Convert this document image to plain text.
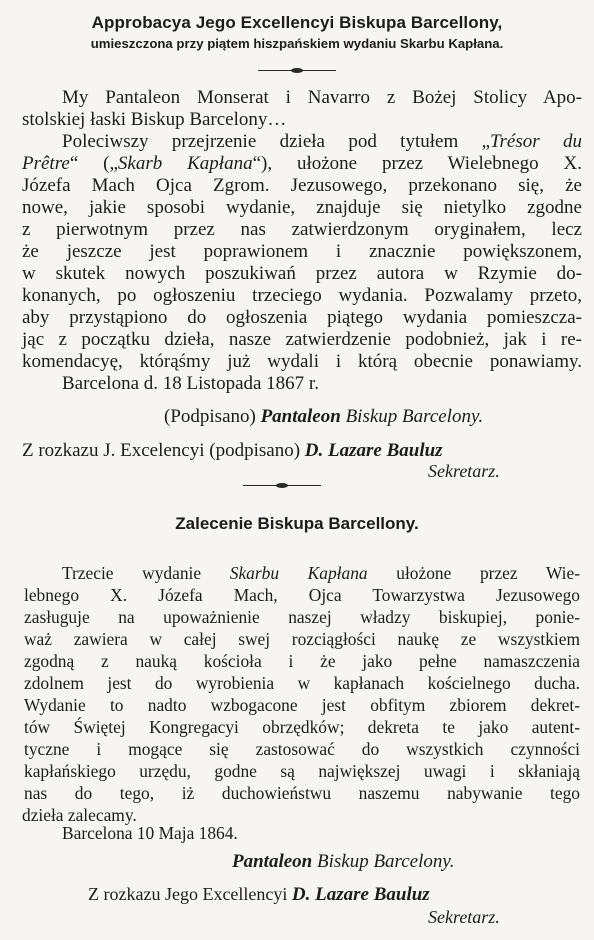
Approbacya Jego Excellencyi Biskupa Barcellony,
umieszczona przy piątem hiszpańskiem wydaniu Skarbu Kapłana.
My Pantaleon Monserat i Navarro z Bożej Stolicy Apo-
stolskiej łaski Biskup Barcelony…
Poleciwszy przejrzenie dzieła pod tytułem „Trésor du
Prêtre“ („Skarb Kapłana“), ułożone przez Wielebnego X.
Józefa Mach Ojca Zgrom. Jezusowego, przekonano się, że
nowe, jakie sposobi wydanie, znajduje się nietylko zgodne
z pierwotnym przez nas zatwierdzonym oryginałem, lecz
że jeszcze jest poprawionem i znacznie powiększonem,
w skutek nowych poszukiwań przez autora w Rzymie do-
konanych, po ogłoszeniu trzeciego wydania. Pozwalamy przeto,
aby przystąpiono do ogłoszenia piątego wydania pomieszcza-
jąc z początku dzieła, nasze zatwierdzenie podobnież, jak i re-
komendacyę, którąśmy już wydali i którą obecnie ponawiamy.
Barcelona d. 18 Listopada 1867 r.
(Podpisano) Pantaleon Biskup Barcelony.
Z rozkazu J. Excelencyi (podpisano) D. Lazare Bauluz
Sekretarz.
Zalecenie Biskupa Barcellony.
Trzecie wydanie Skarbu Kapłana ułożone przez Wie-
lebnego X. Józefa Mach, Ojca Towarzystwa Jezusowego
zasługuje na upoważnienie naszej władzy biskupiej, ponie-
waż zawiera w całej swej rozciągłości naukę ze wszystkiem
zgodną z nauką kościoła i że jako pełne namaszczenia
zdolnem jest do wyrobienia w kapłanach kościelnego ducha.
Wydanie to nadto wzbogacone jest obfitym zbiorem dekret-
tów Świętej Kongregacyi obrzędków; dekreta te jako autent-
tyczne i mogące się zastosować do wszystkich czynności
kapłańskiego urzędu, godne są największej uwagi i skłaniają
nas do tego, iż duchowieństwu naszemu nabywanie tego
dzieła zalecamy.
Barcelona 10 Maja 1864.
Pantaleon Biskup Barcelony.
Z rozkazu Jego Excellencyi D. Lazare Bauluz
Sekretarz.
